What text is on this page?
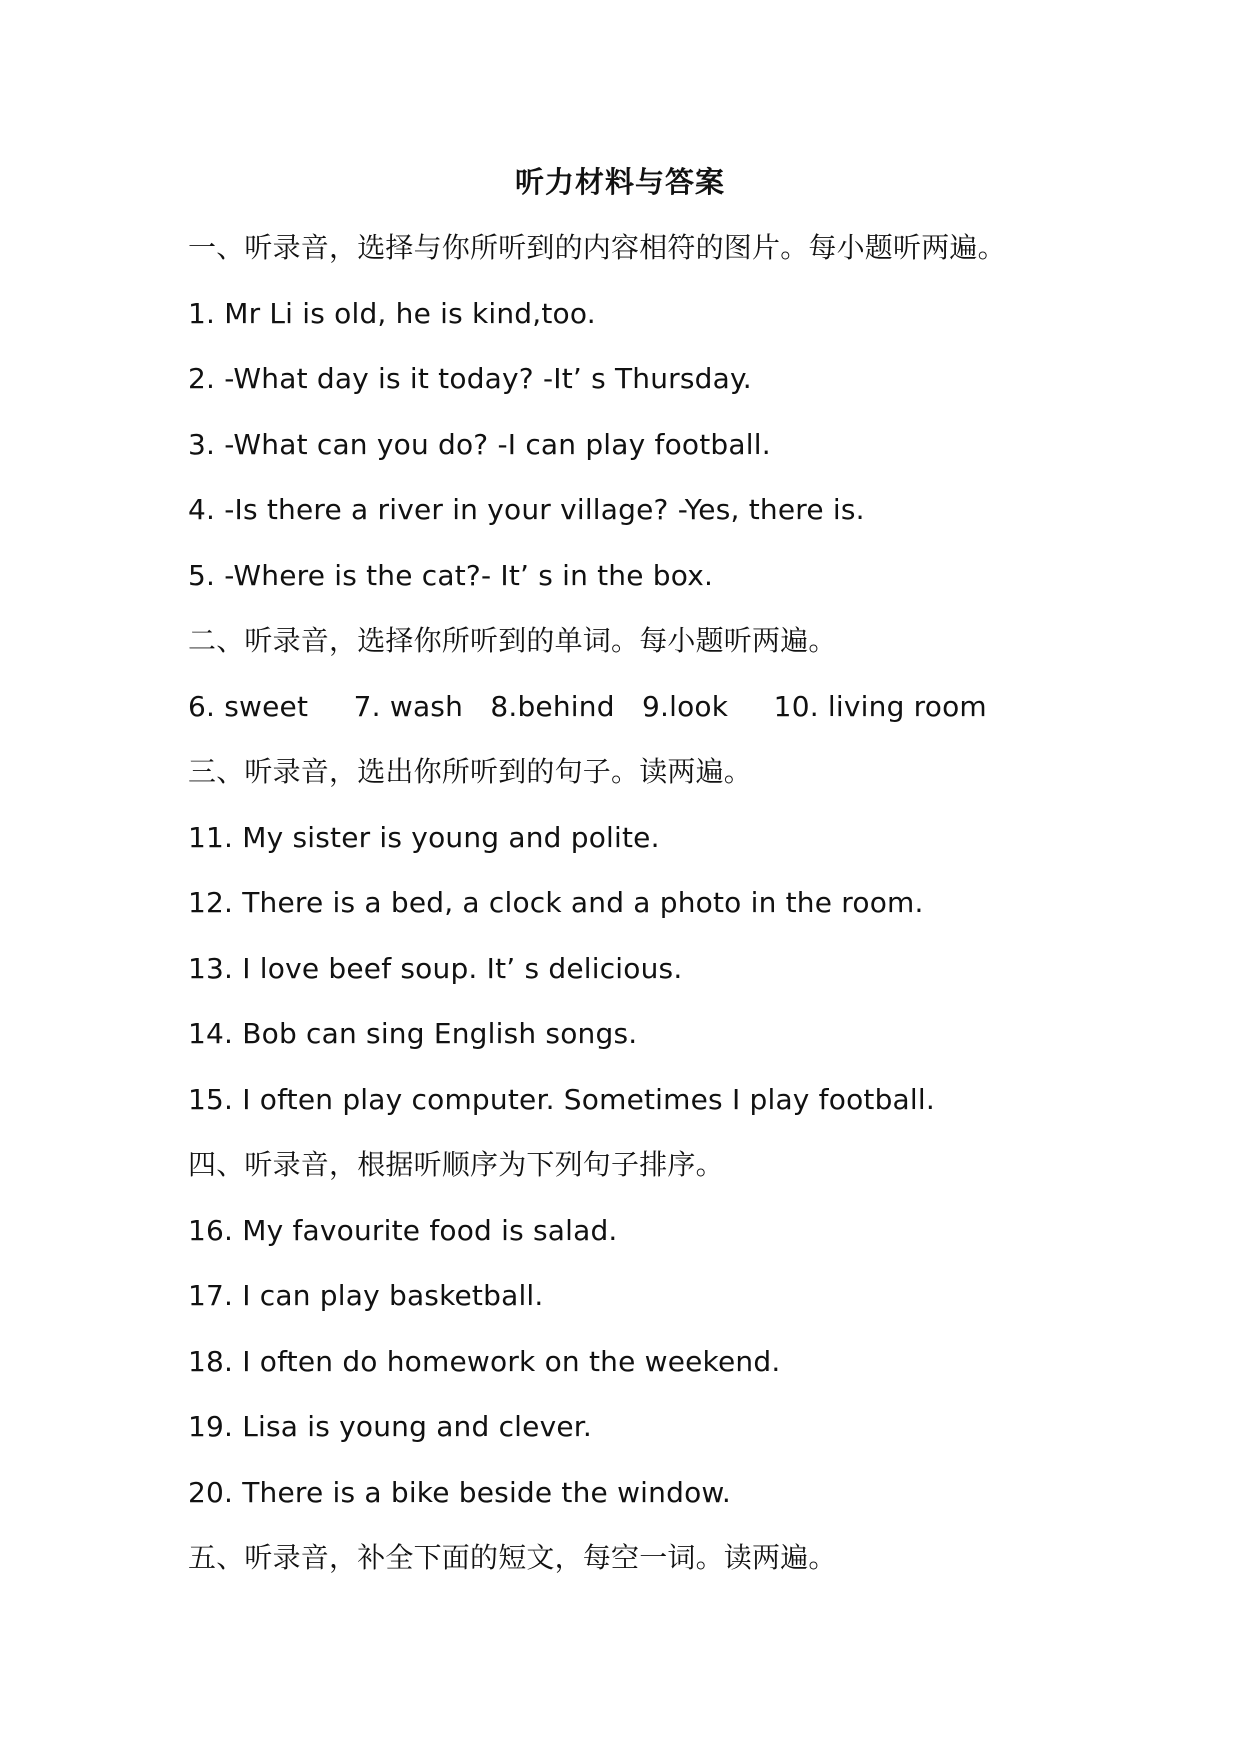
听力材料与答案
一、听录音，选择与你所听到的内容相符的图片。每小题听两遍。
1. Mr Li is old, he is kind,too.
2. -What day is it today? -It’ s Thursday.
3. -What can you do? -I can play football.
4. -Is there a river in your village? -Yes, there is.
5. -Where is the cat?- It’ s in the box.
二、听录音，选择你所听到的单词。每小题听两遍。
6. sweet     7. wash   8.behind   9.look     10. living room
三、听录音，选出你所听到的句子。读两遍。
11. My sister is young and polite.
12. There is a bed, a clock and a photo in the room.
13. I love beef soup. It’ s delicious.
14. Bob can sing English songs.
15. I often play computer. Sometimes I play football.
四、听录音，根据听顺序为下列句子排序。
16. My favourite food is salad.
17. I can play basketball.
18. I often do homework on the weekend.
19. Lisa is young and clever.
20. There is a bike beside the window.
五、听录音，补全下面的短文，每空一词。读两遍。
